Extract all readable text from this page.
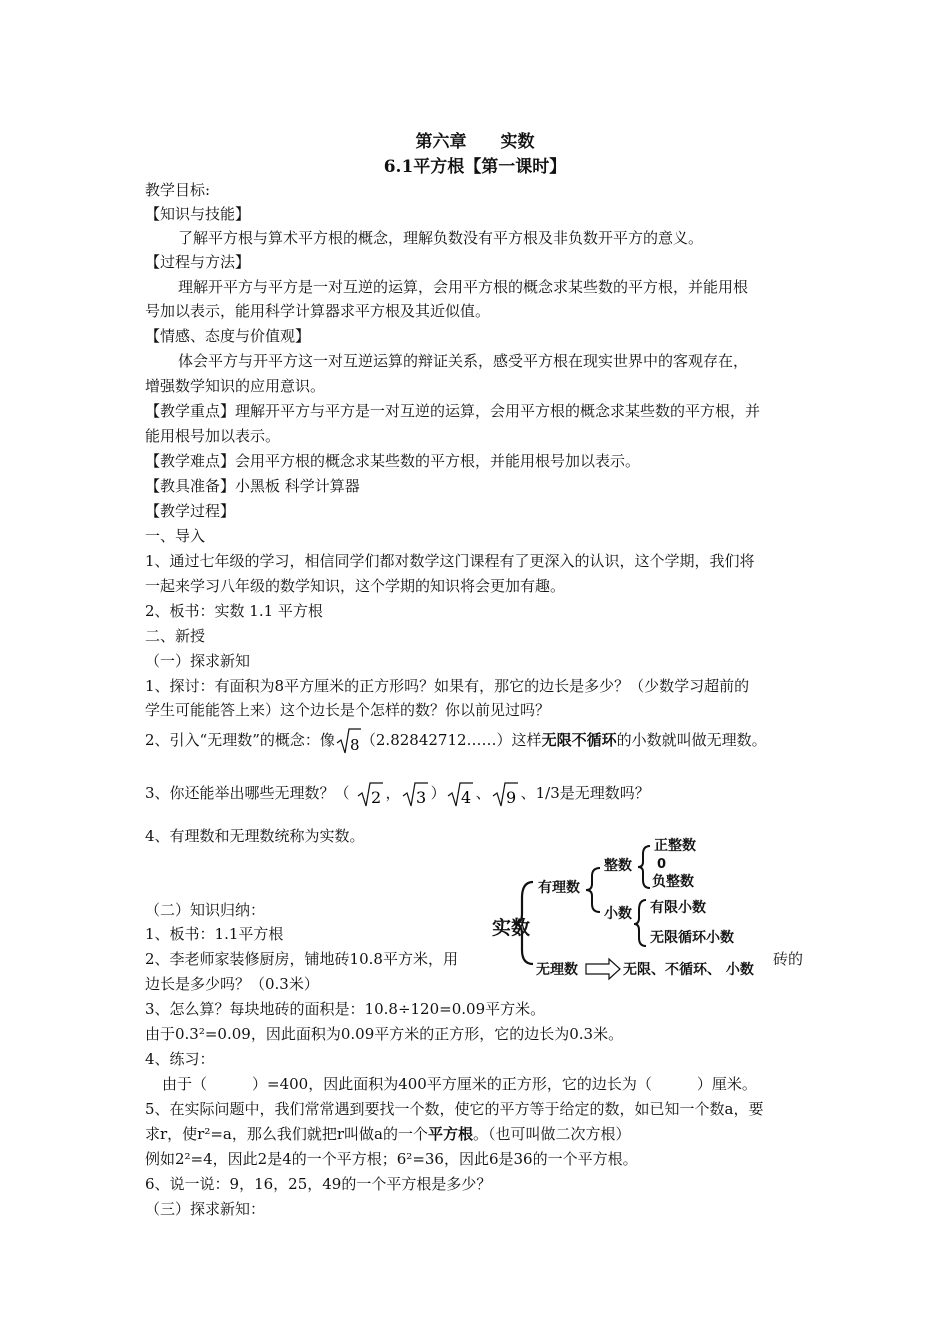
第六章　　实数
6.1平方根【第一课时】
教学目标:
【知识与技能】
了解平方根与算术平方根的概念，理解负数没有平方根及非负数开平方的意义。
【过程与方法】
理解开平方与平方是一对互逆的运算，会用平方根的概念求某些数的平方根，并能用根
号加以表示，能用科学计算器求平方根及其近似值。
【情感、态度与价值观】
体会平方与开平方这一对互逆运算的辩证关系，感受平方根在现实世界中的客观存在，
增强数学知识的应用意识。
【教学重点】理解开平方与平方是一对互逆的运算，会用平方根的概念求某些数的平方根，并
能用根号加以表示。
【教学难点】会用平方根的概念求某些数的平方根，并能用根号加以表示。
【教具准备】小黑板 科学计算器
【教学过程】
一、导入
1、通过七年级的学习，相信同学们都对数学这门课程有了更深入的认识，这个学期，我们将
一起来学习八年级的数学知识，这个学期的知识将会更加有趣。
2、板书：实数 1.1 平方根
二、新授
（一）探求新知
1、探讨：有面积为8平方厘米的正方形吗？如果有，那它的边长是多少？（少数学习超前的
学生可能能答上来）这个边长是个怎样的数？你以前见过吗？
2、引入“无理数”的概念：像 8 （2.82842712……）这样无限不循环的小数就叫做无理数。
3、你还能举出哪些无理数？（ 2 ， 3 ） 4 、 9 、1/3是无理数吗？
4、有理数和无理数统称为实数。
实数
有理数
整数
正整数
0
负整数
小数 有限小数
无限循环小数
无理数	无限、不循环、 小数
（二）知识归纳：
1、板书：1.1平方根
2、李老师家装修厨房，铺地砖10.8平方米，用	砖的
边长是多少吗？（0.3米）
3、怎么算？每块地砖的面积是：10.8÷120=0.09平方米。
由于0.3²=0.09，因此面积为0.09平方米的正方形，它的边长为0.3米。
4、练习：
由于（　　　）=400，因此面积为400平方厘米的正方形，它的边长为（　　　）厘米。
5、在实际问题中，我们常常遇到要找一个数，使它的平方等于给定的数，如已知一个数a，要
求r，使r²=a，那么我们就把r叫做a的一个平方根。（也可叫做二次方根）
例如2²=4，因此2是4的一个平方根；6²=36，因此6是36的一个平方根。
6、说一说：9，16，25，49的一个平方根是多少？
（三）探求新知：
